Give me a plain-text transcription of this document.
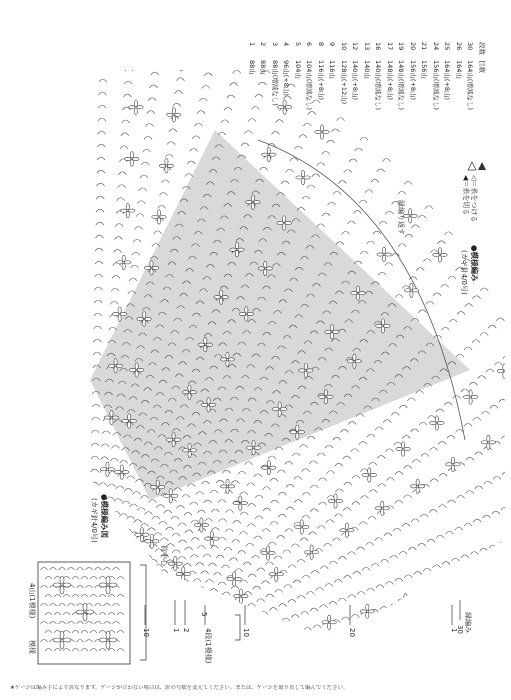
段数
目数
30
164山(増減なし)
26
164山
25
164山(+8山)
24
156山(増減なし)
21
156山
20
156山(+8山)
19
148山(増減なし)
17
148山(+8山)
16
140山(増減なし)
13
140山
12
140山(+8山)
10
128山(+12山)
9
116山
8
116山(+8山)
6
104山(増減なし)
5
104山
4
96山(+8山)
3
88山(増減なし)
2
88山
1
88山
◁＝糸をつける
◀＝糸を切る
●模様編み
(カギ針4/0号)
縁編り返す
●模様編み図
(カギ針4/0号)
4山(1模様)
模様
前中心
縁編み
30
1
20
10
4段(1模様)
5
2
1
10
★ゲージは編み手により異なります。ゲージが合わない場合は、針の号数を変えてください。または、ゲージを取り直して編んでください。
